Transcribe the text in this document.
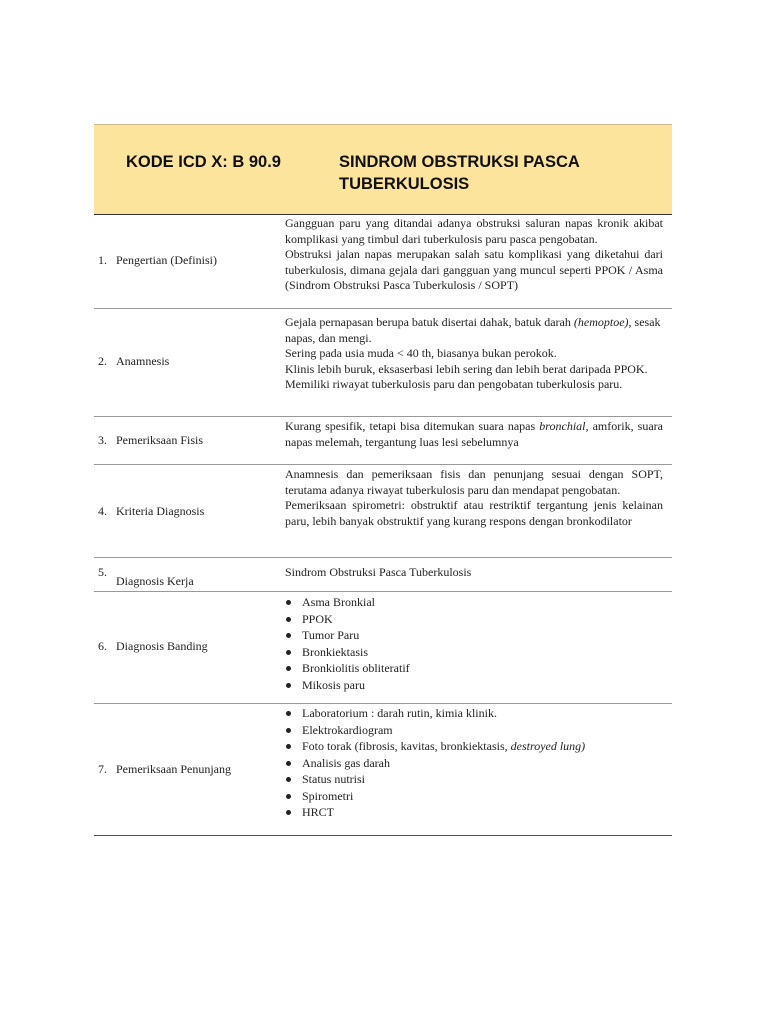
KODE ICD X: B 90.9	SINDROM OBSTRUKSI PASCA TUBERKULOSIS
1. Pengertian (Definisi)
Gangguan paru yang ditandai adanya obstruksi saluran napas kronik akibat komplikasi yang timbul dari tuberkulosis paru pasca pengobatan.
Obstruksi jalan napas merupakan salah satu komplikasi yang diketahui dari tuberkulosis, dimana gejala dari gangguan yang muncul seperti PPOK / Asma (Sindrom Obstruksi Pasca Tuberkulosis / SOPT)
2. Anamnesis
Gejala pernapasan berupa batuk disertai dahak, batuk darah (hemoptoe), sesak napas, dan mengi.
Sering pada usia muda < 40 th, biasanya bukan perokok.
Klinis lebih buruk, eksaserbasi lebih sering dan lebih berat daripada PPOK.
Memiliki riwayat tuberkulosis paru dan pengobatan tuberkulosis paru.
3. Pemeriksaan Fisis
Kurang spesifik, tetapi bisa ditemukan suara napas bronchial, amforik, suara napas melemah, tergantung luas lesi sebelumnya
4. Kriteria Diagnosis
Anamnesis dan pemeriksaan fisis dan penunjang sesuai dengan SOPT, terutama adanya riwayat tuberkulosis paru dan mendapat pengobatan.
Pemeriksaan spirometri: obstruktif atau restriktif tergantung jenis kelainan paru, lebih banyak obstruktif yang kurang respons dengan bronkodilator
5.Diagnosis Kerja
Sindrom Obstruksi Pasca Tuberkulosis
6. Diagnosis Banding
Asma Bronkial
PPOK
Tumor Paru
Bronkiektasis
Bronkiolitis obliteratif
Mikosis paru
7. Pemeriksaan Penunjang
Laboratorium : darah rutin, kimia klinik.
Elektrokardiogram
Foto torak (fibrosis, kavitas, bronkiektasis, destroyed lung)
Analisis gas darah
Status nutrisi
Spirometri
HRCT
